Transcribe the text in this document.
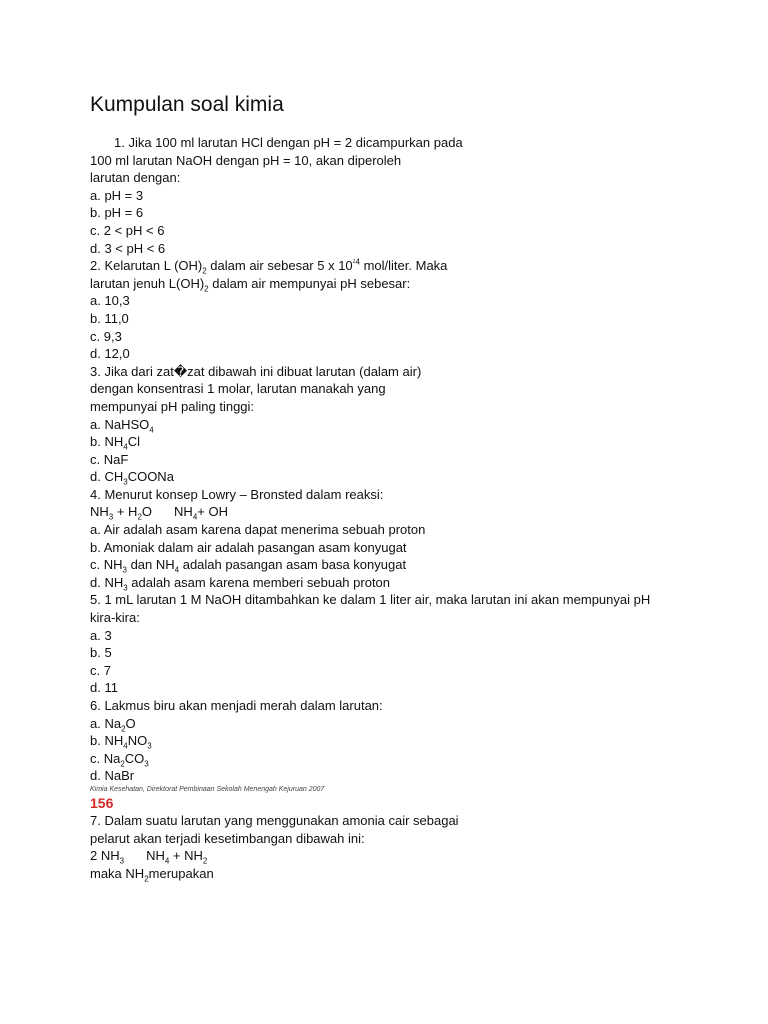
Kumpulan soal kimia
1. Jika 100 ml larutan HCl dengan pH = 2 dicampurkan pada
100 ml larutan NaOH dengan pH = 10, akan diperoleh
larutan dengan:
a. pH = 3
b. pH = 6
c. 2 < pH < 6
d. 3 < pH < 6
2. Kelarutan L $(OH)_2$ dalam air sebesar 5 x $10^{⁲4}$ mol/liter. Maka
larutan jenuh $L(OH)_2$ dalam air mempunyai pH sebesar:
a. 10,3
b. 11,0
c. 9,3
d. 12,0
3. Jika dari zat�zat dibawah ini dibuat larutan (dalam air)
dengan konsentrasi 1 molar, larutan manakah yang
mempunyai pH paling tinggi:
a. NaHSO$_4$
b. $NH_4Cl$
c. NaF
d. $CH_3COONa$
4. Menurut konsep Lowry – Bronsted dalam reaksi:
$NH_3 + H_2O$ $NH_4+$ OH
a. Air adalah asam karena dapat menerima sebuah proton
b. Amoniak dalam air adalah pasangan asam konyugat
c. $NH_3$ dan $NH_4$ adalah pasangan asam basa konyugat
d. $NH_3$ adalah asam karena memberi sebuah proton
5. 1 mL larutan 1 M NaOH ditambahkan ke dalam 1 liter air, maka larutan ini akan mempunyai pH
kira-kira:
a. 3
b. 5
c. 7
d. 11
6. Lakmus biru akan menjadi merah dalam larutan:
a. $Na_2O$
b. $NH_4NO_3$
c. $Na_2CO_3$
d. NaBr
Kimia Kesehatan, Direktorat Pembinaan Sekolah Menengah Kejuruan 2007
156
7. Dalam suatu larutan yang menggunakan amonia cair sebagai
pelarut akan terjadi kesetimbangan dibawah ini:
2 $NH_3$ $NH_4 + NH_2$
maka $NH_2merupakan$
